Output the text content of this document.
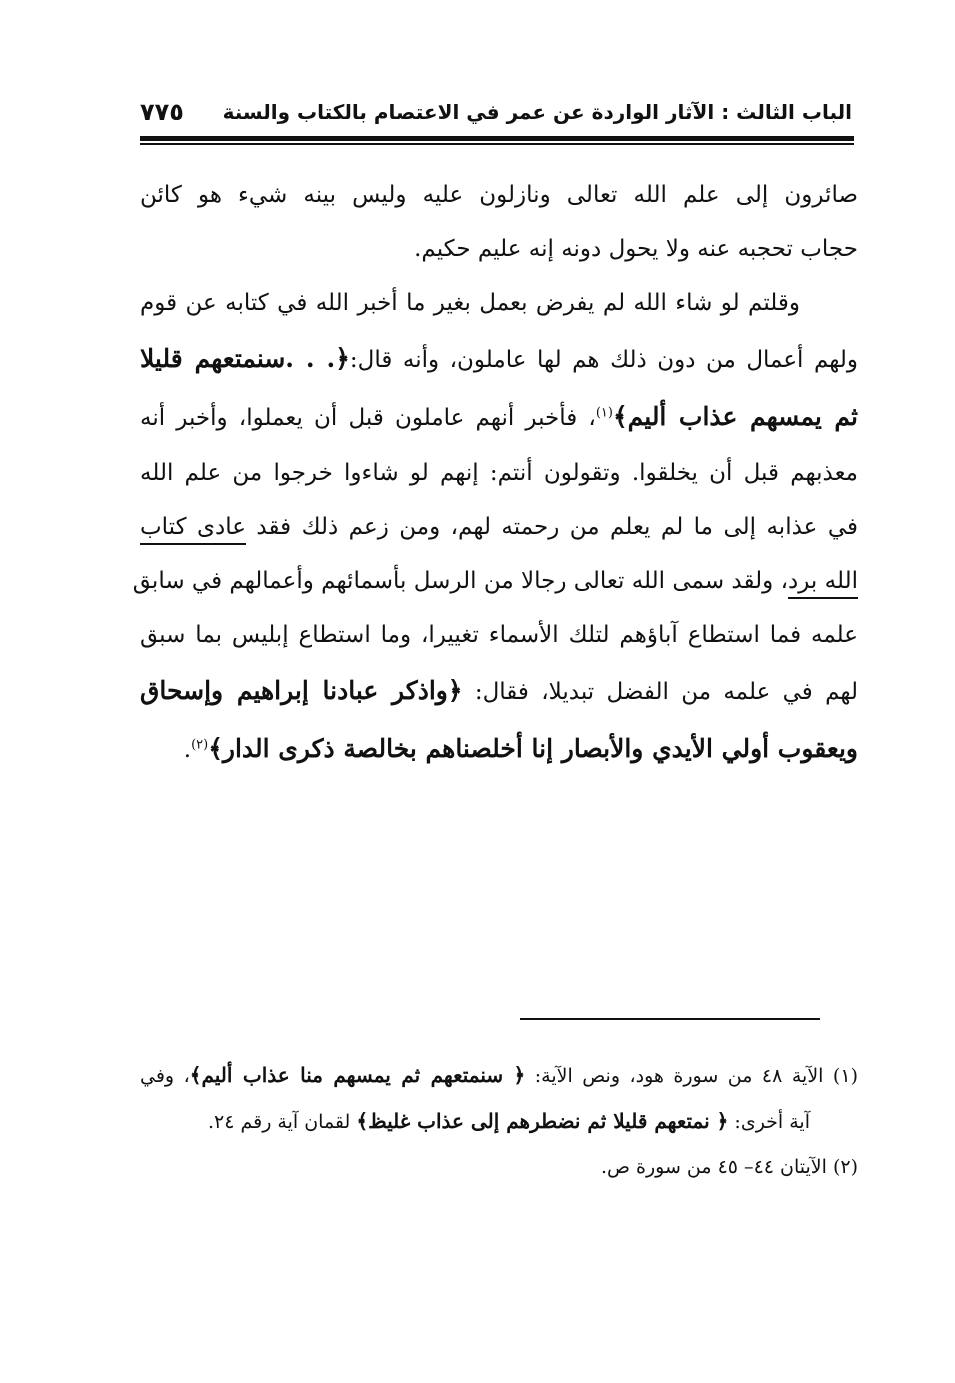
الباب الثالث : الآثار الواردة عن عمر في الاعتصام بالكتاب والسنة
٧٧٥
صائرون إلى علم الله تعالى ونازلون عليه وليس بينه شيء هو كائن
حجاب تحجبه عنه ولا يحول دونه إنه عليم حكيم.
وقلتم لو شاء الله لم يفرض بعمل بغير ما أخبر الله في كتابه عن قوم
ولهم أعمال من دون ذلك هم لها عاملون، وأنه قال:﴿. . .سنمتعهم قليلا
ثم يمسهم عذاب أليم﴾$^{(١)}$، فأخبر أنهم عاملون قبل أن يعملوا، وأخبر أنه
معذبهم قبل أن يخلقوا. وتقولون أنتم: إنهم لو شاءوا خرجوا من علم الله
في عذابه إلى ما لم يعلم من رحمته لهم، ومن زعم ذلك فقد عادى كتاب
الله برد، ولقد سمى الله تعالى رجالا من الرسل بأسمائهم وأعمالهم في سابق
علمه فما استطاع آباؤهم لتلك الأسماء تغييرا، وما استطاع إبليس بما سبق
لهم في علمه من الفضل تبديلا، فقال: ﴿واذكر عبادنا إبراهيم وإسحاق
ويعقوب أولي الأيدي والأبصار إنا أخلصناهم بخالصة ذكرى الدار﴾$^{(٢)}$.
(١) الآية ٤٨ من سورة هود، ونص الآية: ﴿ سنمتعهم ثم يمسهم منا عذاب أليم﴾، وفي
آية أخرى: ﴿ نمتعهم قليلا ثم نضطرهم إلى عذاب غليظ﴾ لقمان آية رقم ٢٤.
(٢) الآيتان ٤٤– ٤٥ من سورة ص.
